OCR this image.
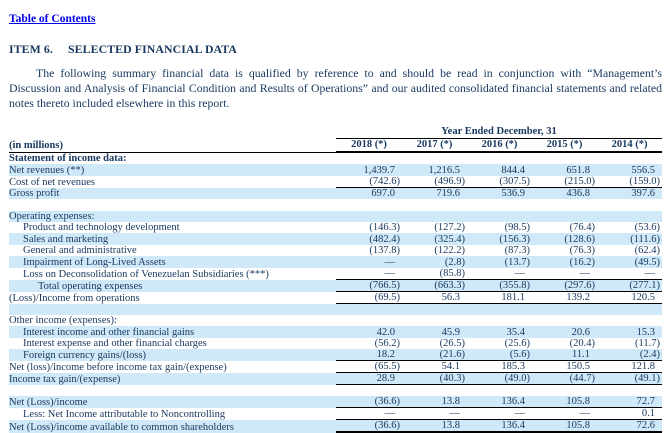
Table of Contents
ITEM 6.	SELECTED FINANCIAL DATA

The following summary financial data is qualified by reference to and should be read in conjunction with “Management’s Discussion and Analysis of Financial Condition and Results of Operations” and our audited consolidated financial statements and related notes thereto included elsewhere in this report.

	Year Ended December, 31				

(in millions)	2018 (*)	2017 (*)	2016 (*)	2015 (*)	2014 (*)

Statement of income data:	

Net revenues (**)	1,439.7	1,216.5	844.4	651.8	556.5

Cost of net revenues	(742.6)	(496.9)	(307.5)	(215.0)	(159.0)

Gross profit	697.0	719.6	536.9	436.8	397.6

Operating expenses:	

Product and technology development	(146.3)	(127.2)	(98.5)	(76.4)	(53.6)

Sales and marketing	(482.4)	(325.4)	(156.3)	(128.6)	(111.6)

General and administrative	(137.8)	(122.2)	(87.3)	(76.3)	(62.4)

Impairment of Long-Lived Assets	—	(2.8)	(13.7)	(16.2)	(49.5)

Loss on Deconsolidation of Venezuelan Subsidiaries (***)	—	(85.8)	—	—	—

Total operating expenses	(766.5)	(663.3)	(355.8)	(297.6)	(277.1)

(Loss)/Income from operations	(69.5)	56.3	181.1	139.2	120.5

Other income (expenses):	

Interest income and other financial gains	42.0	45.9	35.4	20.6	15.3

Interest expense and other financial charges	(56.2)	(26.5)	(25.6)	(20.4)	(11.7)

Foreign currency gains/(loss)	18.2	(21.6)	(5.6)	11.1	(2.4)

Net (loss)/income before income tax gain/(expense)	(65.5)	54.1	185.3	150.5	121.8

Income tax gain/(expense)	28.9	(40.3)	(49.0)	(44.7)	(49.1)

Net (Loss)/income	(36.6)	13.8	136.4	105.8	72.7

Less: Net Income attributable to Noncontrolling	—	—	—	—	0.1

Net (Loss)/income available to common shareholders	(36.6)	13.8	136.4	105.8	72.6
